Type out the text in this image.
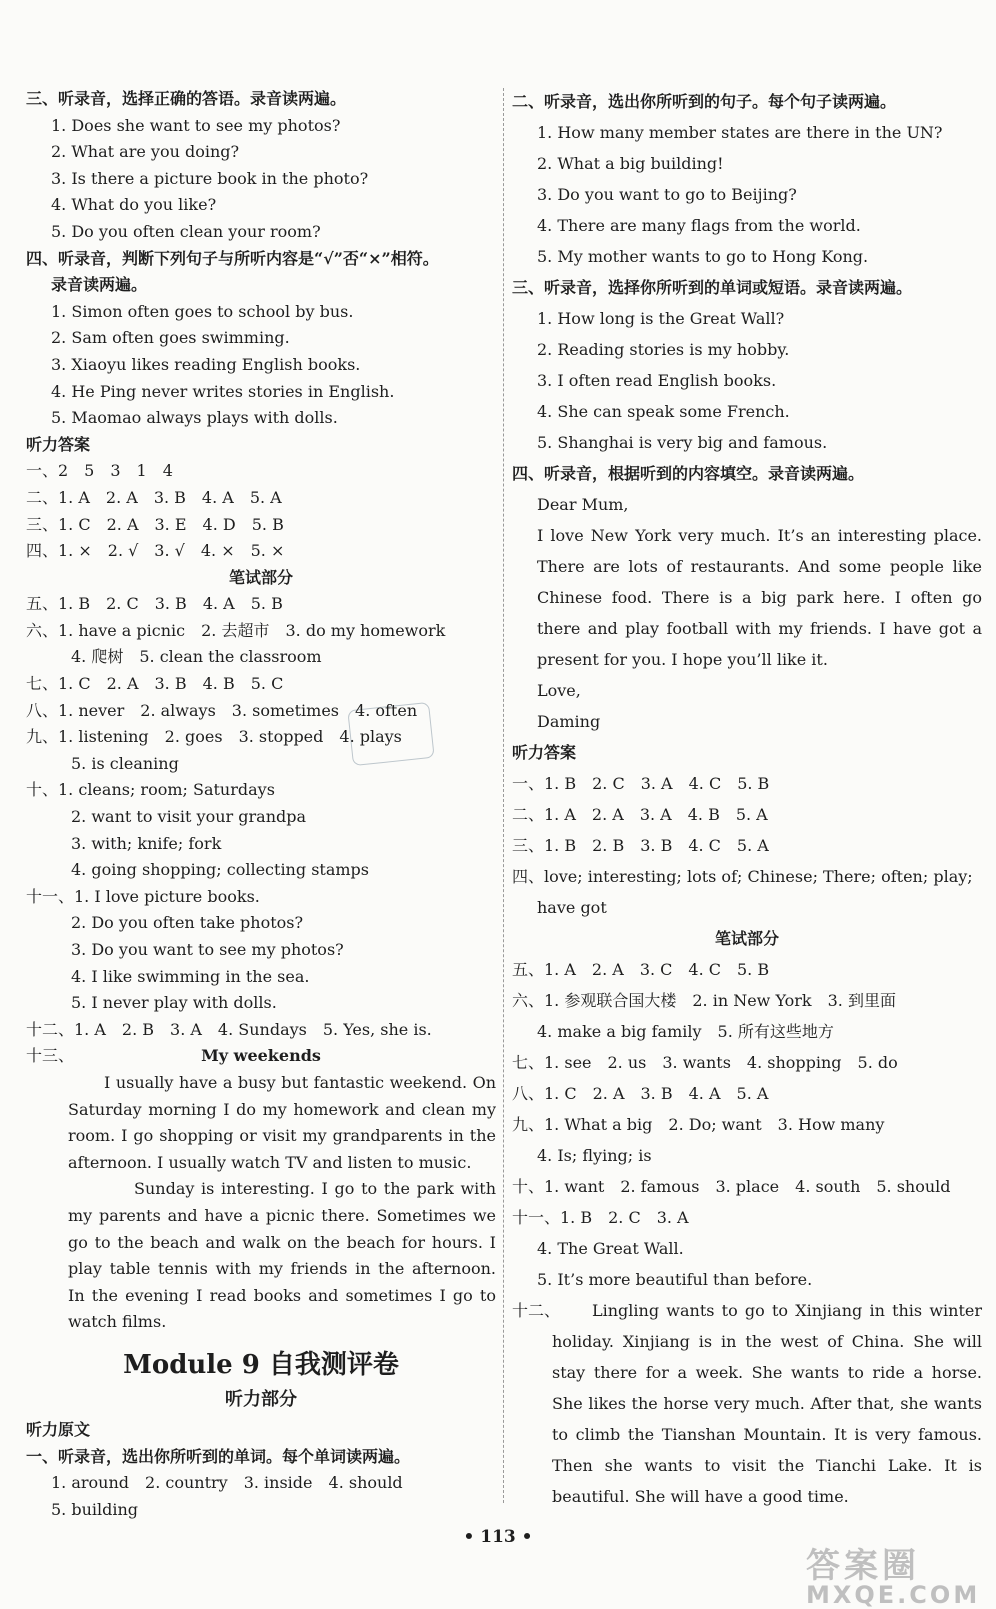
三、听录音，选择正确的答语。录音读两遍。
1. Does she want to see my photos?
2. What are you doing?
3. Is there a picture book in the photo?
4. What do you like?
5. Do you often clean your room?
四、听录音，判断下列句子与所听内容是“√”否“×”相符。
录音读两遍。
1. Simon often goes to school by bus.
2. Sam often goes swimming.
3. Xiaoyu likes reading English books.
4. He Ping never writes stories in English.
5. Maomao always plays with dolls.
听力答案
一、2　5　3　1　4
二、1. A　2. A　3. B　4. A　5. A
三、1. C　2. A　3. E　4. D　5. B
四、1. ×　2. √　3. √　4. ×　5. ×
笔试部分
五、1. B　2. C　3. B　4. A　5. B
六、1. have a picnic　2. 去超市　3. do my homework
4. 爬树　5. clean the classroom
七、1. C　2. A　3. B　4. B　5. C
八、1. never　2. always　3. sometimes　4. often
九、1. listening　2. goes　3. stopped　4. plays
5. is cleaning
十、1. cleans; room; Saturdays
2. want to visit your grandpa
3. with; knife; fork
4. going shopping; collecting stamps
十一、1. I love picture books.
2. Do you often take photos?
3. Do you want to see my photos?
4. I like swimming in the sea.
5. I never play with dolls.
十二、1. A　2. B　3. A　4. Sundays　5. Yes, she is.
十三、	My weekends
I usually have a busy but fantastic weekend. On Saturday morning I do my homework and clean my room. I go shopping or visit my grandparents in the afternoon. I usually watch TV and listen to music.
Sunday is interesting. I go to the park with my parents and have a picnic there. Sometimes we go to the beach and walk on the beach for hours. I play table tennis with my friends in the afternoon. In the evening I read books and sometimes I go to watch films.
Module 9 自我测评卷
听力部分
听力原文
一、听录音，选出你所听到的单词。每个单词读两遍。
1. around　2. country　3. inside　4. should
5. building
二、听录音，选出你所听到的句子。每个句子读两遍。
1. How many member states are there in the UN?
2. What a big building!
3. Do you want to go to Beijing?
4. There are many flags from the world.
5. My mother wants to go to Hong Kong.
三、听录音，选择你所听到的单词或短语。录音读两遍。
1. How long is the Great Wall?
2. Reading stories is my hobby.
3. I often read English books.
4. She can speak some French.
5. Shanghai is very big and famous.
四、听录音，根据听到的内容填空。录音读两遍。
Dear Mum,
I love New York very much. It’s an interesting place. There are lots of restaurants. And some people like Chinese food. There is a big park here. I often go there and play football with my friends. I have got a present for you. I hope you’ll like it.
Love,
Daming
听力答案
一、1. B　2. C　3. A　4. C　5. B
二、1. A　2. A　3. A　4. B　5. A
三、1. B　2. B　3. B　4. C　5. A
四、love; interesting; lots of; Chinese; There; often; play;
have got
笔试部分
五、1. A　2. A　3. C　4. C　5. B
六、1. 参观联合国大楼　2. in New York　3. 到里面
4. make a big family　5. 所有这些地方
七、1. see　2. us　3. wants　4. shopping　5. do
八、1. C　2. A　3. B　4. A　5. A
九、1. What a big　2. Do; want　3. How many
4. Is; flying; is
十、1. want　2. famous　3. place　4. south　5. should
十一、1. B　2. C　3. A
4. The Great Wall.
5. It’s more beautiful than before.
十二、	Lingling wants to go to Xinjiang in this winter holiday. Xinjiang is in the west of China. She will stay there for a week. She wants to ride a horse. She likes the horse very much. After that, she wants to climb the Tianshan Mountain. It is very famous. Then she wants to visit the Tianchi Lake. It is beautiful. She will have a good time.
• 113 •
答案圈
MXQE.COM
